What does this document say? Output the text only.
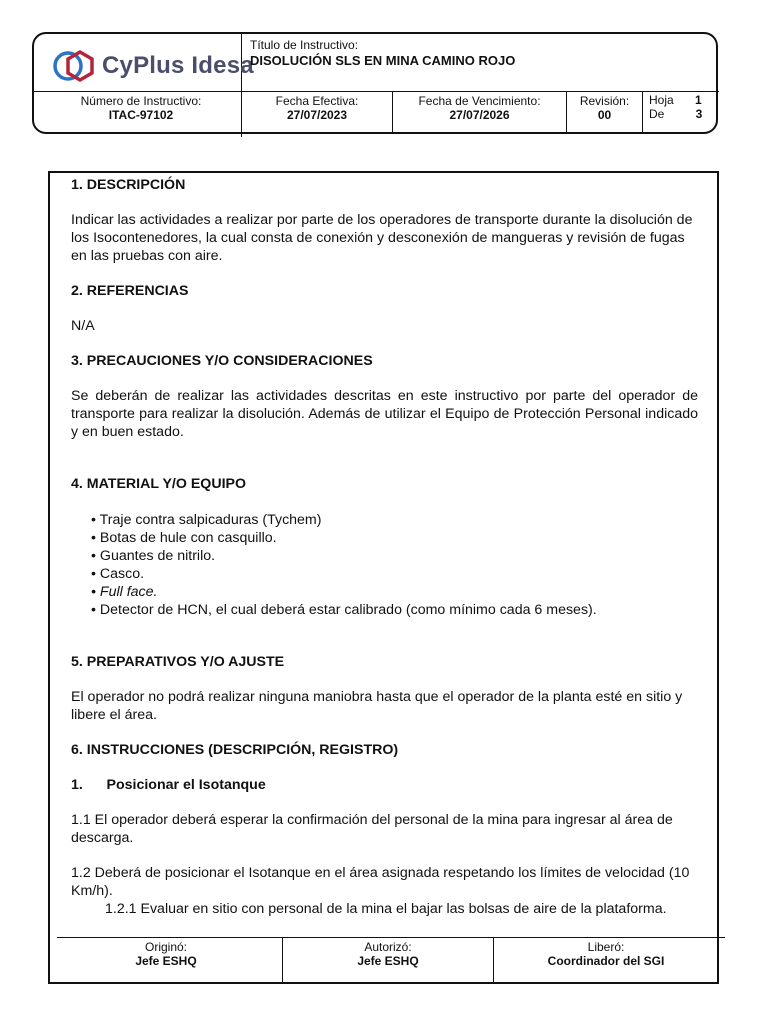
CyPlus Idesa
Título de Instructivo:
DISOLUCIÓN SLS EN MINA CAMINO ROJO
Número de Instructivo:
ITAC-97102
Fecha Efectiva:
27/07/2023
Fecha de Vencimiento:
27/07/2026
Revisión:
00
Hoja 1
De	3
1. DESCRIPCIÓN

Indicar las actividades a realizar por parte de los operadores de transporte durante la disolución de los Isocontenedores, la cual consta de conexión y desconexión de mangueras y revisión de fugas en las pruebas con aire.

2. REFERENCIAS

N/A

3. PRECAUCIONES Y/O CONSIDERACIONES

Se deberán de realizar las actividades descritas en este instructivo por parte del operador de transporte para realizar la disolución. Además de utilizar el Equipo de Protección Personal indicado y en buen estado.

4. MATERIAL Y/O EQUIPO
• Traje contra salpicaduras (Tychem)
• Botas de hule con casquillo.
• Guantes de nitrilo.
• Casco.
• Full face.
• Detector de HCN, el cual deberá estar calibrado (como mínimo cada 6 meses).
5. PREPARATIVOS Y/O AJUSTE

El operador no podrá realizar ninguna maniobra hasta que el operador de la planta esté en sitio y libere el área.

6. INSTRUCCIONES (DESCRIPCIÓN, REGISTRO)
1.      Posicionar el Isotanque

1.1 El operador deberá esperar la confirmación del personal de la mina para ingresar al área de descarga.

1.2 Deberá de posicionar el Isotanque en el área asignada respetando los límites de velocidad (10 Km/h).

1.2.1 Evaluar en sitio con personal de la mina el bajar las bolsas de aire de la plataforma.

Originó:
Jefe ESHQ
Autorizó:
Jefe ESHQ
Liberó:
Coordinador del SGI
